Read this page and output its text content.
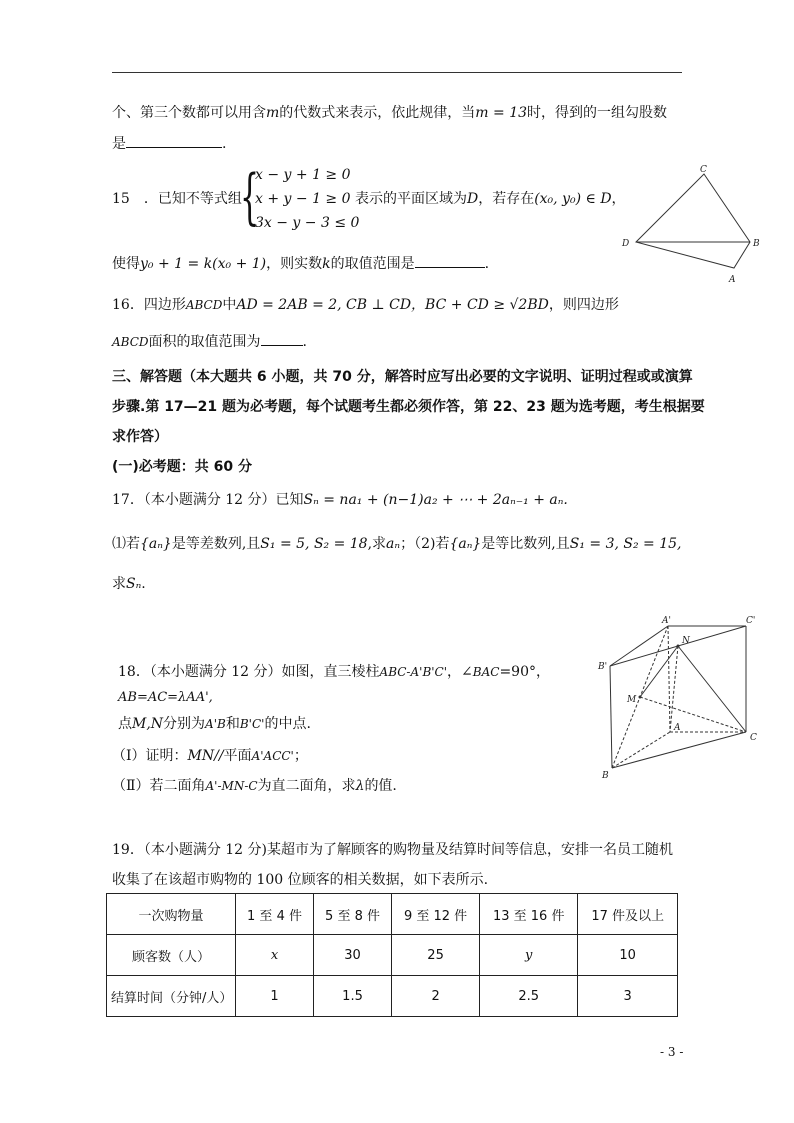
个、第三个数都可以用含m的代数式来表示，依此规律，当m = 13时，得到的一组勾股数
是	.
15　．已知不等式组
{
x − y + 1 ≥ 0
x + y − 1 ≥ 0 表示的平面区域为D，若存在(x₀, y₀) ∈ D，
3x − y − 3 ≤ 0
使得y₀ + 1 = k(x₀ + 1)，则实数k的取值范围是	.
C
D	B
A
16．四边形ABCD中AD = 2AB = 2, CB ⊥ CD，BC + CD ≥ √2BD，则四边形
ABCD面积的取值范围为	.
三、解答题（本大题共 6 小题，共 70 分，解答时应写出必要的文字说明、证明过程或或演算
步骤.第 17—21 题为必考题，每个试题考生都必须作答，第 22、23 题为选考题，考生根据要
求作答）
(一)必考题：共 60 分
17．（本小题满分 12 分）已知Sₙ = na₁ + (n−1)a₂ + ⋯ + 2aₙ₋₁ + aₙ.
⑴若{aₙ}是等差数列,且S₁ = 5, S₂ = 18,求aₙ；（2)若{aₙ}是等比数列,且S₁ = 3, S₂ = 15,
求Sₙ.
18．（本小题满分 12 分）如图，直三棱柱ABC-A'B'C'，∠BAC=90°，
AB=AC=λAA',
点M,N分别为A'B和B'C'的中点.
（Ⅰ）证明：MN//平面A'ACC'；
（Ⅱ）若二面角A'-MN-C为直二面角，求λ的值.
A'	C'
N
B'
M
A
C
B
19．（本小题满分 12 分)某超市为了解顾客的购物量及结算时间等信息，安排一名员工随机
收集了在该超市购物的 100 位顾客的相关数据，如下表所示.
一次购物量	1 至 4 件	5 至 8 件	9 至 12 件	13 至 16 件	17 件及以上
顾客数（人）	x	30	25	y	10
结算时间（分钟/人）	1	1.5	2	2.5	3
- 3 -
